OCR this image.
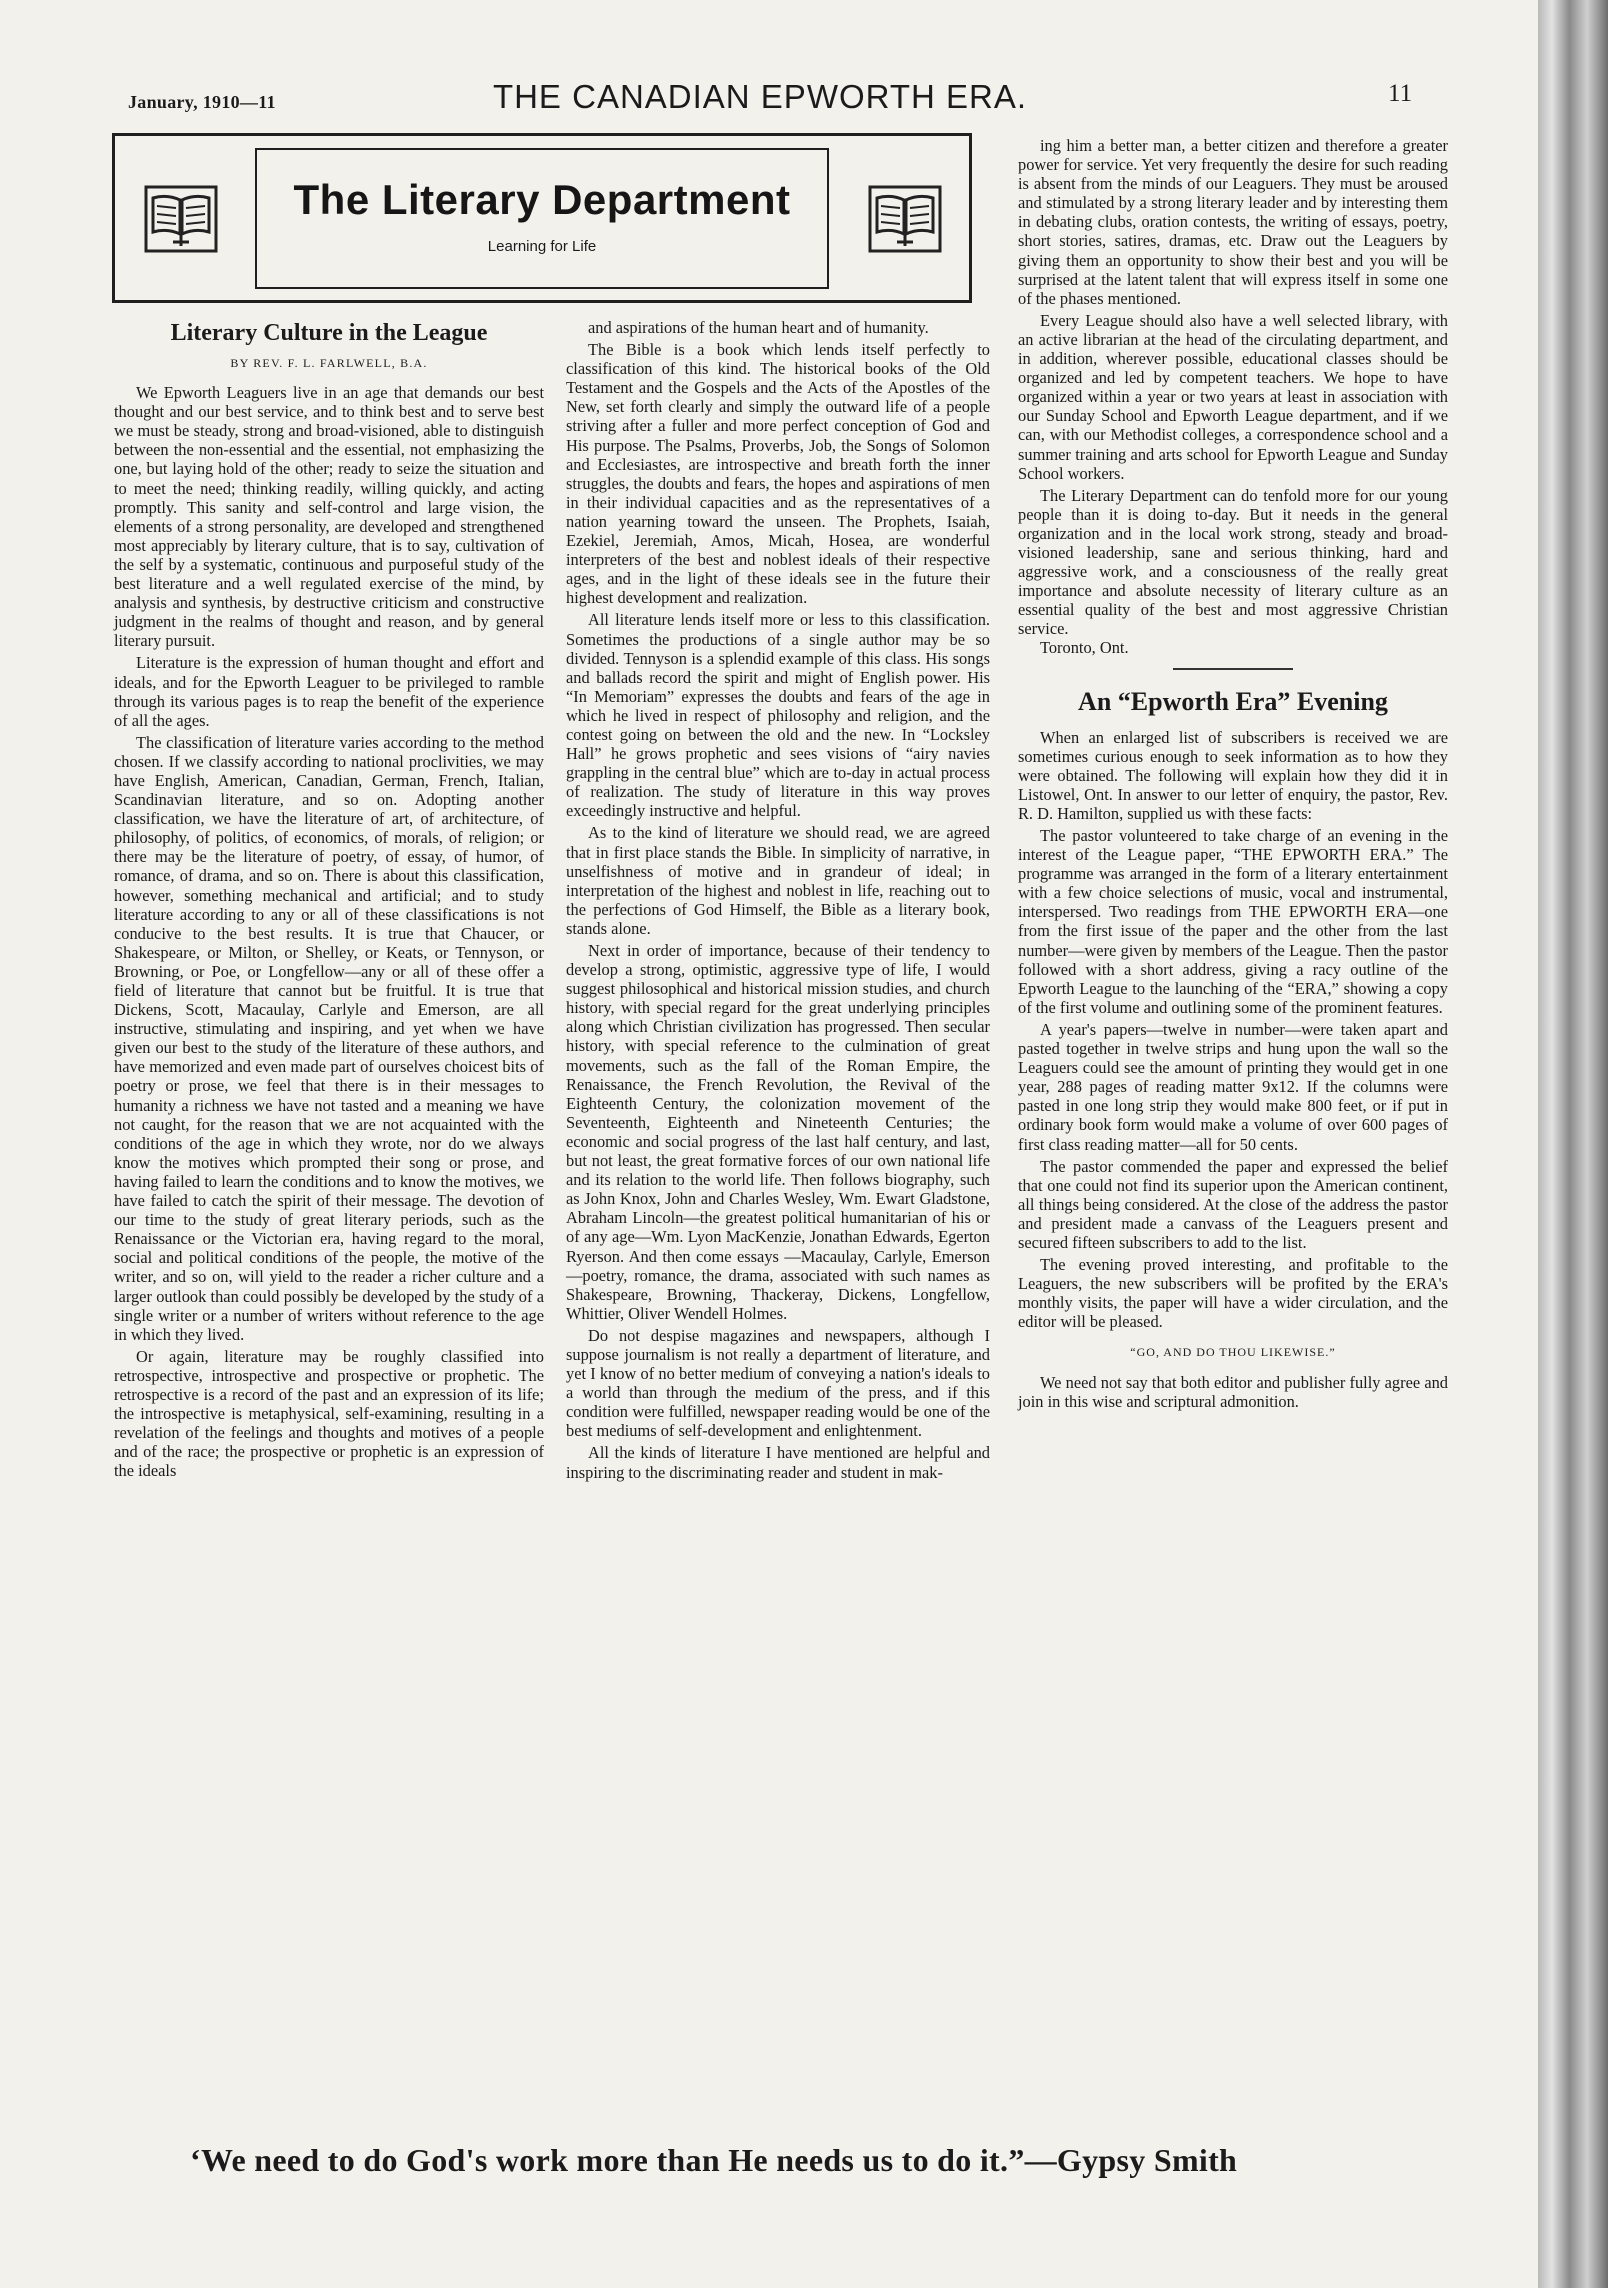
January, 1910—11	THE CANADIAN EPWORTH ERA.	11
The Literary Department
Learning for Life
Literary Culture in the League
BY REV. F. L. FARLWELL, B.A.

We Epworth Leaguers live in an age that demands our best thought and our best service, and to think best and to serve best we must be steady, strong and broad-visioned, able to distinguish between the non-essential and the essential, not emphasizing the one, but laying hold of the other; ready to seize the situation and to meet the need; thinking readily, willing quickly, and acting promptly. This sanity and self-control and large vision, the elements of a strong personality, are developed and strengthened most appreciably by literary culture, that is to say, cultivation of the self by a systematic, continuous and purposeful study of the best literature and a well regulated exercise of the mind, by analysis and synthesis, by destructive criticism and constructive judgment in the realms of thought and reason, and by general literary pursuit.

Literature is the expression of human thought and effort and ideals, and for the Epworth Leaguer to be privileged to ramble through its various pages is to reap the benefit of the experience of all the ages.

The classification of literature varies according to the method chosen. If we classify according to national proclivities, we may have English, American, Canadian, German, French, Italian, Scandinavian literature, and so on. Adopting another classification, we have the literature of art, of architecture, of philosophy, of politics, of economics, of morals, of religion; or there may be the literature of poetry, of essay, of humor, of romance, of drama, and so on. There is about this classification, however, something mechanical and artificial; and to study literature according to any or all of these classifications is not conducive to the best results. It is true that Chaucer, or Shakespeare, or Milton, or Shelley, or Keats, or Tennyson, or Browning, or Poe, or Longfellow—any or all of these offer a field of literature that cannot but be fruitful. It is true that Dickens, Scott, Macaulay, Carlyle and Emerson, are all instructive, stimulating and inspiring, and yet when we have given our best to the study of the literature of these authors, and have memorized and even made part of ourselves choicest bits of poetry or prose, we feel that there is in their messages to humanity a richness we have not tasted and a meaning we have not caught, for the reason that we are not acquainted with the conditions of the age in which they wrote, nor do we always know the motives which prompted their song or prose, and having failed to learn the conditions and to know the motives, we have failed to catch the spirit of their message. The devotion of our time to the study of great literary periods, such as the Renaissance or the Victorian era, having regard to the moral, social and political conditions of the people, the motive of the writer, and so on, will yield to the reader a richer culture and a larger outlook than could possibly be developed by the study of a single writer or a number of writers without reference to the age in which they lived.

Or again, literature may be roughly classified into retrospective, introspective and prospective or prophetic. The retrospective is a record of the past and an expression of its life; the introspective is metaphysical, self-examining, resulting in a revelation of the feelings and thoughts and motives of a people and of the race; the prospective or prophetic is an expression of the ideals

and aspirations of the human heart and of humanity.

The Bible is a book which lends itself perfectly to classification of this kind. The historical books of the Old Testament and the Gospels and the Acts of the Apostles of the New, set forth clearly and simply the outward life of a people striving after a fuller and more perfect conception of God and His purpose. The Psalms, Proverbs, Job, the Songs of Solomon and Ecclesiastes, are introspective and breath forth the inner struggles, the doubts and fears, the hopes and aspirations of men in their individual capacities and as the representatives of a nation yearning toward the unseen. The Prophets, Isaiah, Ezekiel, Jeremiah, Amos, Micah, Hosea, are wonderful interpreters of the best and noblest ideals of their respective ages, and in the light of these ideals see in the future their highest development and realization.

All literature lends itself more or less to this classification. Sometimes the productions of a single author may be so divided. Tennyson is a splendid example of this class. His songs and ballads record the spirit and might of English power. His “In Memoriam” expresses the doubts and fears of the age in which he lived in respect of philosophy and religion, and the contest going on between the old and the new. In “Locksley Hall” he grows prophetic and sees visions of “airy navies grappling in the central blue” which are to-day in actual process of realization. The study of literature in this way proves exceedingly instructive and helpful.

As to the kind of literature we should read, we are agreed that in first place stands the Bible. In simplicity of narrative, in unselfishness of motive and in grandeur of ideal; in interpretation of the highest and noblest in life, reaching out to the perfections of God Himself, the Bible as a literary book, stands alone.

Next in order of importance, because of their tendency to develop a strong, optimistic, aggressive type of life, I would suggest philosophical and historical mission studies, and church history, with special regard for the great underlying principles along which Christian civilization has progressed. Then secular history, with special reference to the culmination of great movements, such as the fall of the Roman Empire, the Renaissance, the French Revolution, the Revival of the Eighteenth Century, the colonization movement of the Seventeenth, Eighteenth and Nineteenth Centuries; the economic and social progress of the last half century, and last, but not least, the great formative forces of our own national life and its relation to the world life. Then follows biography, such as John Knox, John and Charles Wesley, Wm. Ewart Gladstone, Abraham Lincoln—the greatest political humanitarian of his or of any age—Wm. Lyon MacKenzie, Jonathan Edwards, Egerton Ryerson. And then come essays —Macaulay, Carlyle, Emerson—poetry, romance, the drama, associated with such names as Shakespeare, Browning, Thackeray, Dickens, Longfellow, Whittier, Oliver Wendell Holmes.

Do not despise magazines and newspapers, although I suppose journalism is not really a department of literature, and yet I know of no better medium of conveying a nation's ideals to a world than through the medium of the press, and if this condition were fulfilled, newspaper reading would be one of the best mediums of self-development and enlightenment.

All the kinds of literature I have mentioned are helpful and inspiring to the discriminating reader and student in mak-

ing him a better man, a better citizen and therefore a greater power for service. Yet very frequently the desire for such reading is absent from the minds of our Leaguers. They must be aroused and stimulated by a strong literary leader and by interesting them in debating clubs, oration contests, the writing of essays, poetry, short stories, satires, dramas, etc. Draw out the Leaguers by giving them an opportunity to show their best and you will be surprised at the latent talent that will express itself in some one of the phases mentioned.

Every League should also have a well selected library, with an active librarian at the head of the circulating department, and in addition, wherever possible, educational classes should be organized and led by competent teachers. We hope to have organized within a year or two years at least in association with our Sunday School and Epworth League department, and if we can, with our Methodist colleges, a correspondence school and a summer training and arts school for Epworth League and Sunday School workers.

The Literary Department can do tenfold more for our young people than it is doing to-day. But it needs in the general organization and in the local work strong, steady and broad-visioned leadership, sane and serious thinking, hard and aggressive work, and a consciousness of the really great importance and absolute necessity of literary culture as an essential quality of the best and most aggressive Christian service.

Toronto, Ont.

An “Epworth Era” Evening

When an enlarged list of subscribers is received we are sometimes curious enough to seek information as to how they were obtained. The following will explain how they did it in Listowel, Ont. In answer to our letter of enquiry, the pastor, Rev. R. D. Hamilton, supplied us with these facts:

The pastor volunteered to take charge of an evening in the interest of the League paper, “THE EPWORTH ERA.” The programme was arranged in the form of a literary entertainment with a few choice selections of music, vocal and instrumental, interspersed. Two readings from THE EPWORTH ERA—one from the first issue of the paper and the other from the last number—were given by members of the League. Then the pastor followed with a short address, giving a racy outline of the Epworth League to the launching of the “ERA,” showing a copy of the first volume and outlining some of the prominent features.

A year's papers—twelve in number—were taken apart and pasted together in twelve strips and hung upon the wall so the Leaguers could see the amount of printing they would get in one year, 288 pages of reading matter 9x12. If the columns were pasted in one long strip they would make 800 feet, or if put in ordinary book form would make a volume of over 600 pages of first class reading matter—all for 50 cents.

The pastor commended the paper and expressed the belief that one could not find its superior upon the American continent, all things being considered. At the close of the address the pastor and president made a canvass of the Leaguers present and secured fifteen subscribers to add to the list.

The evening proved interesting, and profitable to the Leaguers, the new subscribers will be profited by the ERA's monthly visits, the paper will have a wider circulation, and the editor will be pleased.

“GO, AND DO THOU LIKEWISE.”

We need not say that both editor and publisher fully agree and join in this wise and scriptural admonition.

‘We need to do God's work more than He needs us to do it.”—Gypsy Smith
